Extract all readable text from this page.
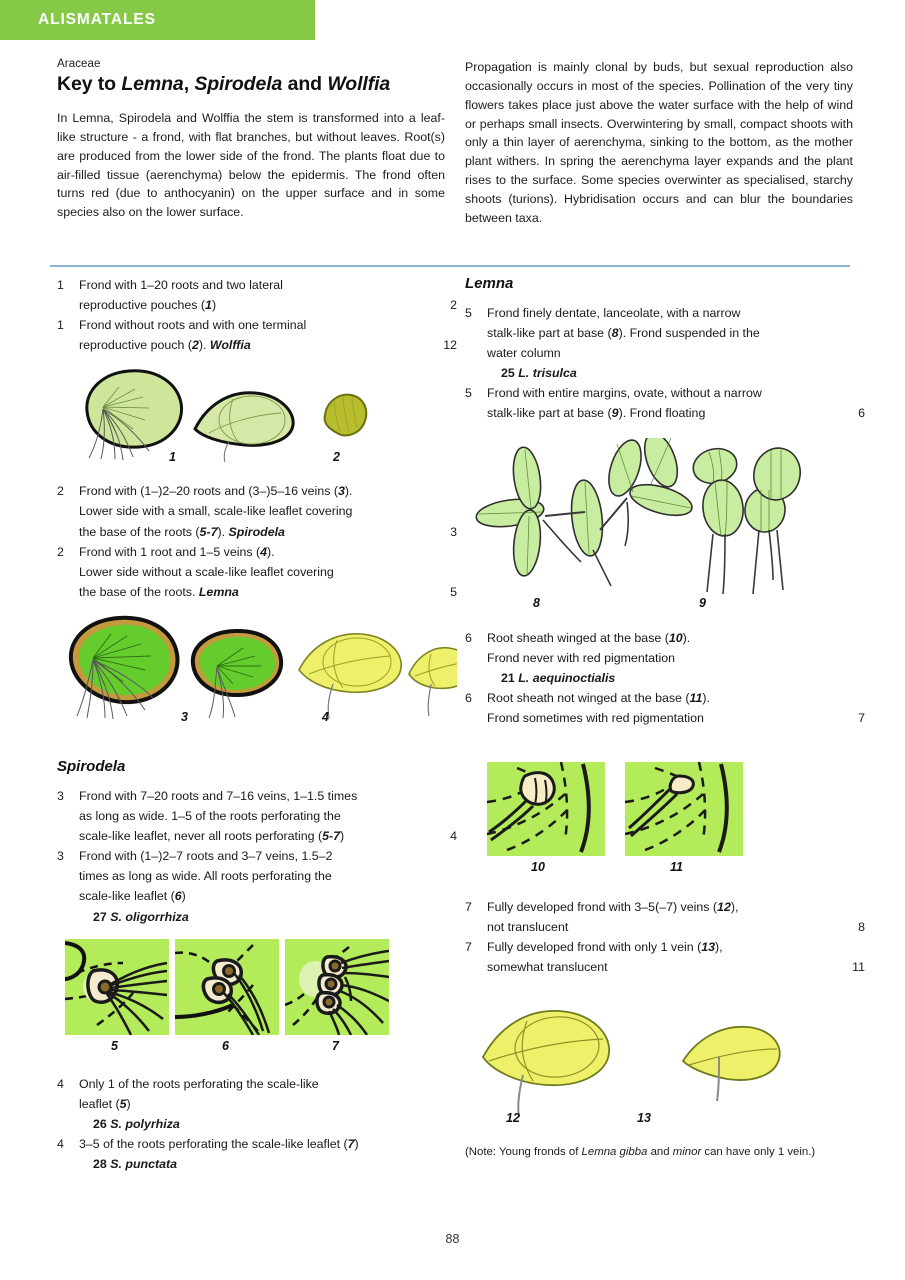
ALISMATALES
Araceae
Key to Lemna, Spirodela and Wollfia

In Lemna, Spirodela and Wolffia the stem is transformed into a leaf-like structure - a frond, with flat branches, but without leaves. Root(s) are produced from the lower side of the frond. The plants float due to air-filled tissue (aerenchyma) below the epidermis. The frond often turns red (due to anthocyanin) on the upper surface and in some species also on the lower surface.

Propagation is mainly clonal by buds, but sexual reproduction also occasionally occurs in most of the species. Pollination of the very tiny flowers takes place just above the water surface with the help of wind or perhaps small insects. Overwintering by small, compact shoots with only a thin layer of aerenchyma, sinking to the bottom, as the mother plant withers. In spring the aerenchyma layer expands and the plant rises to the surface. Some species overwinter as specialised, starchy shoots (turions). Hybridisation occurs and can blur the boundaries between taxa.

1	Frond with 1–20 roots and two lateral
reproductive pouches (1)	2
1	Frond without roots and with one terminal
reproductive pouch (2). Wolffia	12
1	2
2	Frond with (1–)2–20 roots and (3–)5–16 veins (3).
Lower side with a small, scale-like leaflet covering
the base of the roots (5-7). Spirodela	3
2	Frond with 1 root and 1–5 veins (4).
Lower side without a scale-like leaflet covering
the base of the roots. Lemna	5
3	4
Spirodela
3	Frond with 7–20 roots and 7–16 veins, 1–1.5 times
as long as wide. 1–5 of the roots perforating the
scale-like leaflet, never all roots perforating (5-7)	4
3	Frond with (1–)2–7 roots and 3–7 veins, 1.5–2
times as long as wide. All roots perforating the
scale-like leaflet (6)
27 S. oligorrhiza
5	6	7
4	Only 1 of the roots perforating the scale-like
leaflet (5)
26 S. polyrhiza
4	3–5 of the roots perforating the scale-like leaflet (7)
28 S. punctata
Lemna
5	Frond finely dentate, lanceolate, with a narrow
stalk-like part at base (8). Frond suspended in the
water column
25 L. trisulca
5	Frond with entire margins, ovate, without a narrow
stalk-like part at base (9). Frond floating	6
8	9
6	Root sheath winged at the base (10).
Frond never with red pigmentation
21 L. aequinoctialis
6	Root sheath not winged at the base (11).
Frond sometimes with red pigmentation	7
10	11
7	Fully developed frond with 3–5(–7) veins (12),
not translucent	8
7	Fully developed frond with only 1 vein (13),
somewhat translucent	11
12	13
(Note: Young fronds of Lemna gibba and minor can have only 1 vein.)
88
